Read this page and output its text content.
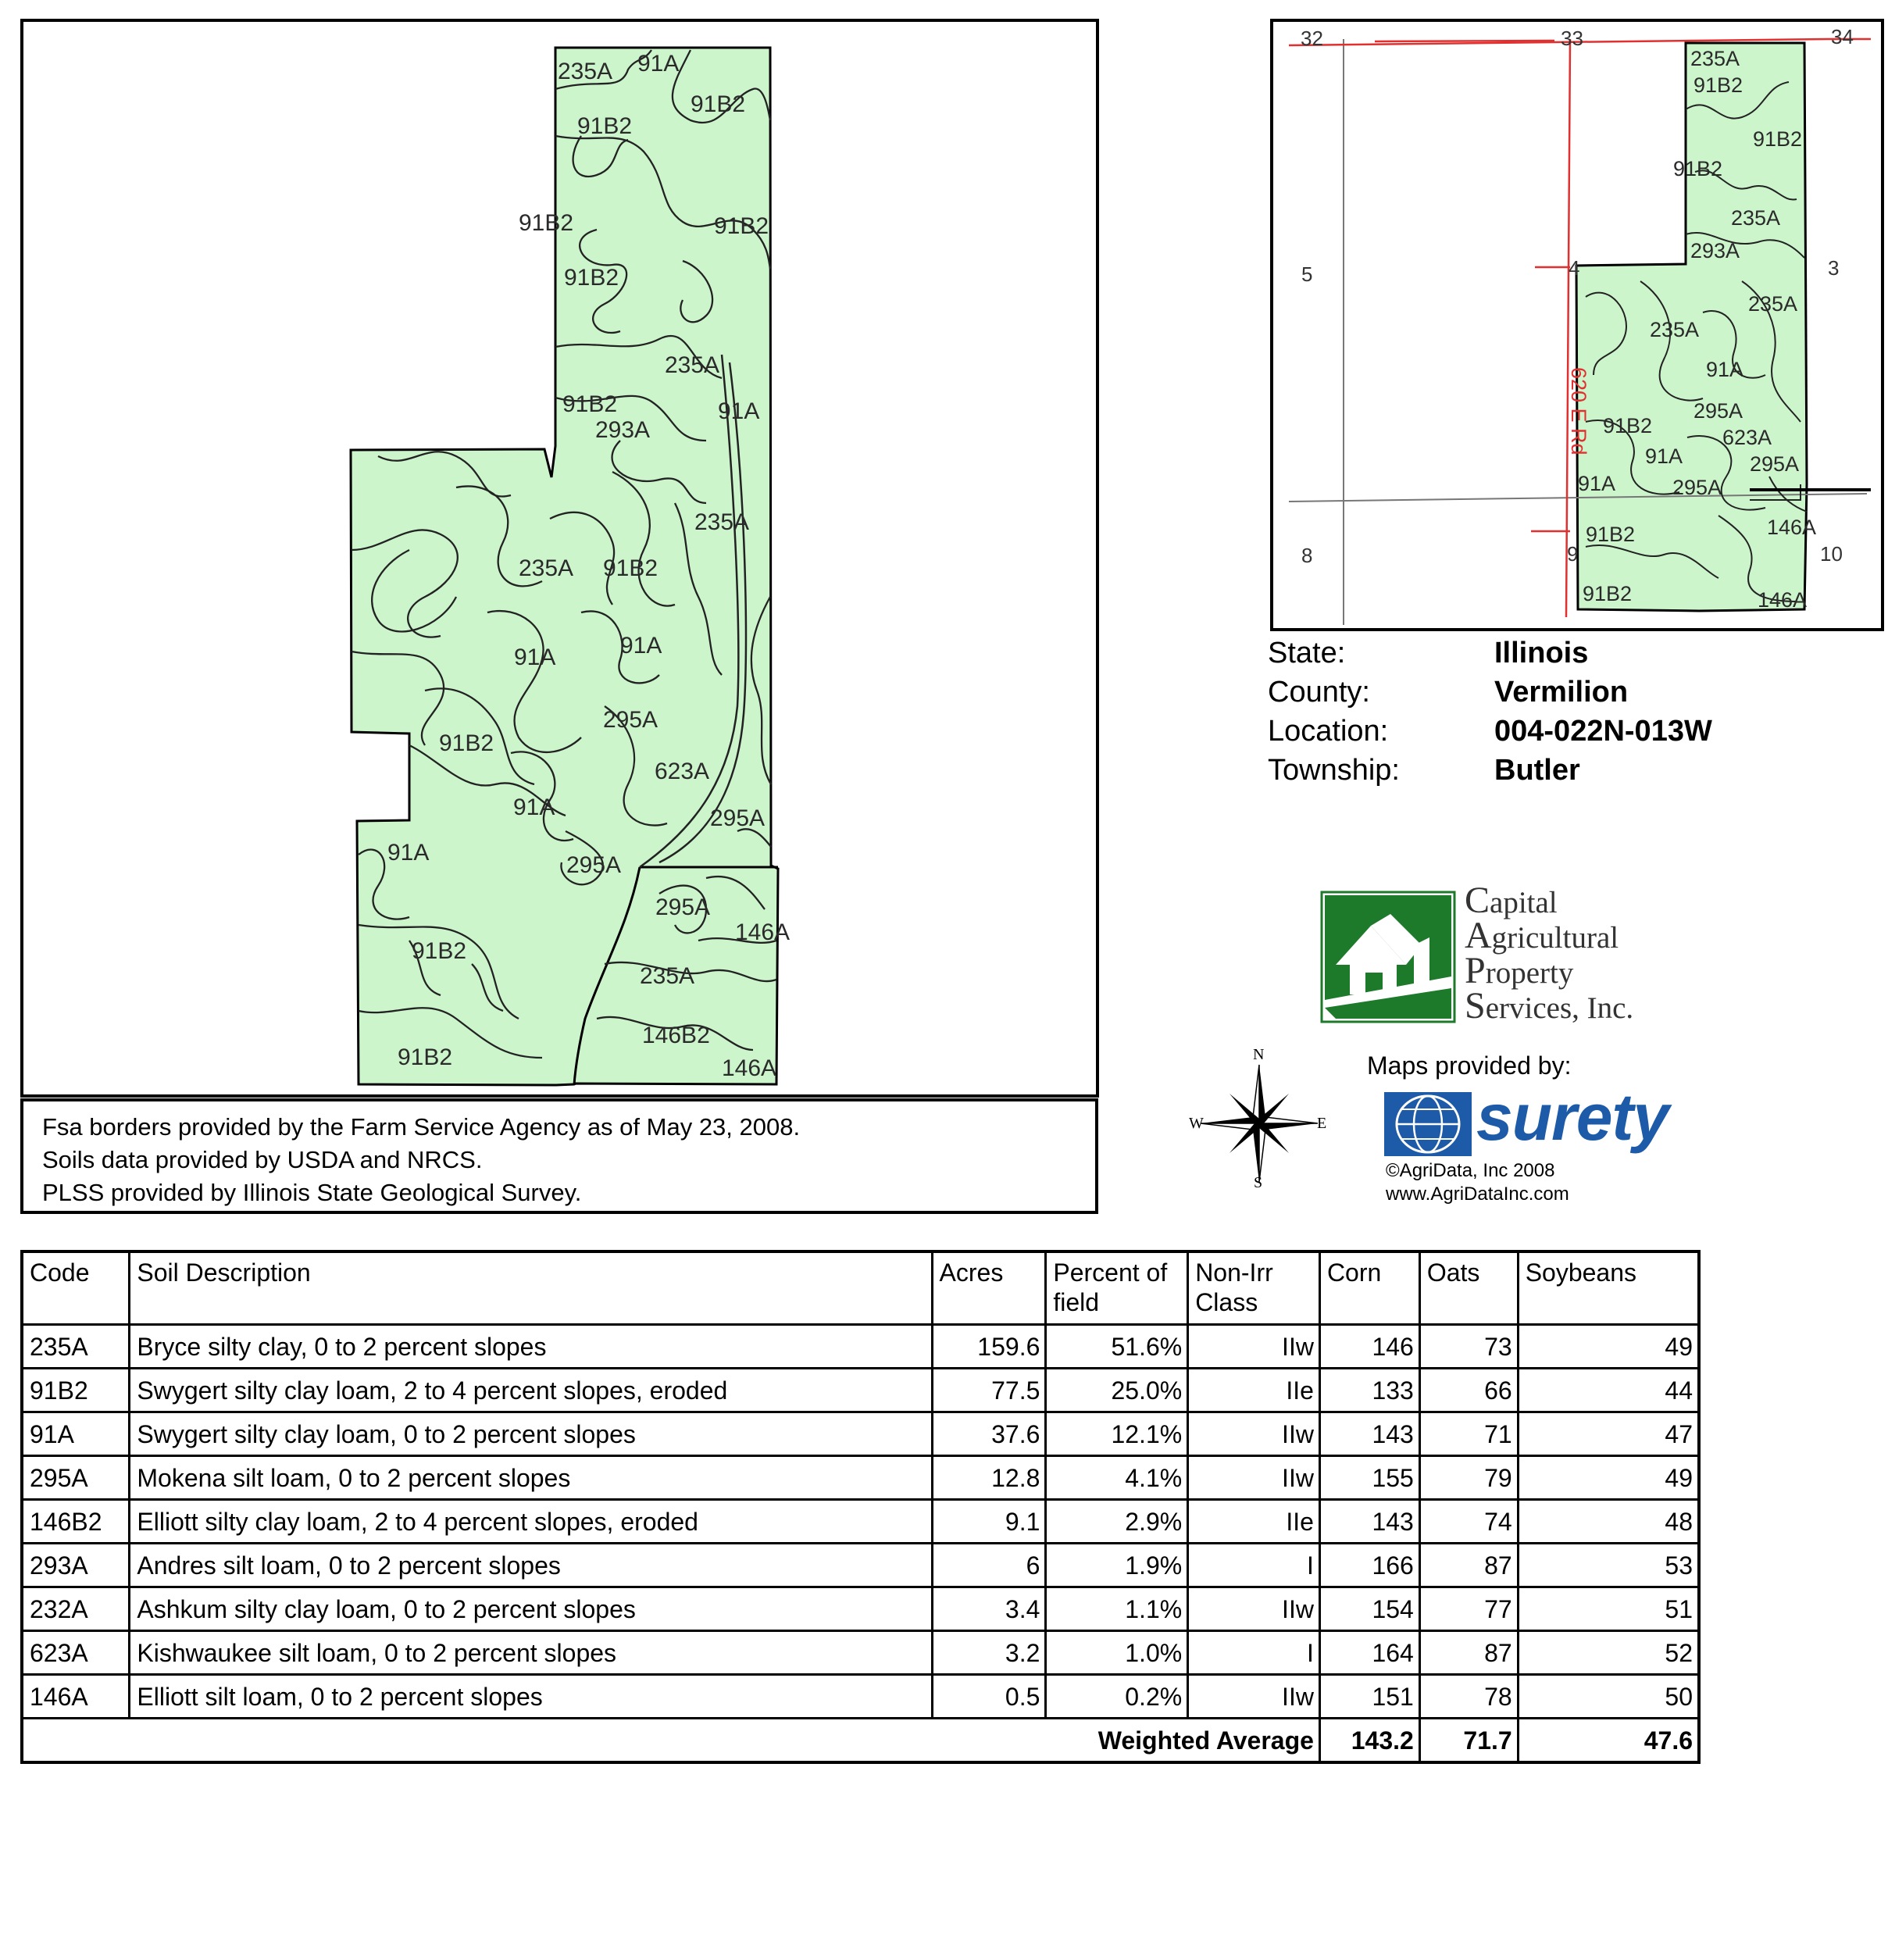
235A 91A
91B2
91B2
91B2	91B2
91B2
235A
91B2	91A
293A
235A
235A 91B2
91A	91A
295A
91B2
623A
91A	295A
91A	295A
295A
146A
91B2
235A
146B2
146A
91B2
235A
91B2
91B2
91B2
235A
293A
235A
235A
91A
91B2
295A
623A
91A	295A
91A	295A
146A
91B2
91B2	146A
32	33	34
5	4	3
8	9	10
620 E Rd
Fsa borders provided by the Farm Service Agency as of May 23, 2008.
Soils data provided by USDA and NRCS.
PLSS provided by Illinois State Geological Survey.
State:	Illinois
County:	Vermilion
Location:	004-022N-013W
Township:	Butler
Capital
Agricultural
Property
Services, Inc.
N
S
E
W
Maps provided by:
surety
©AgriData, Inc 2008
www.AgriDataInc.com
Code	Soil Description	Acres	Percent of field	Non-Irr Class	Corn	Oats	Soybeans
235A	Bryce silty clay, 0 to 2 percent slopes	159.6	51.6%	IIw	146	73	49
91B2	Swygert silty clay loam, 2 to 4 percent slopes, eroded	77.5	25.0%	IIe	133	66	44
91A	Swygert silty clay loam, 0 to 2 percent slopes	37.6	12.1%	IIw	143	71	47
295A	Mokena silt loam, 0 to 2 percent slopes	12.8	4.1%	IIw	155	79	49
146B2	Elliott silty clay loam, 2 to 4 percent slopes, eroded	9.1	2.9%	IIe	143	74	48
293A	Andres silt loam, 0 to 2 percent slopes	6	1.9%	I	166	87	53
232A	Ashkum silty clay loam, 0 to 2 percent slopes	3.4	1.1%	IIw	154	77	51
623A	Kishwaukee silt loam, 0 to 2 percent slopes	3.2	1.0%	I	164	87	52
146A	Elliott silt loam, 0 to 2 percent slopes	0.5	0.2%	IIw	151	78	50
Weighted Average					143.2	71.7	47.6
